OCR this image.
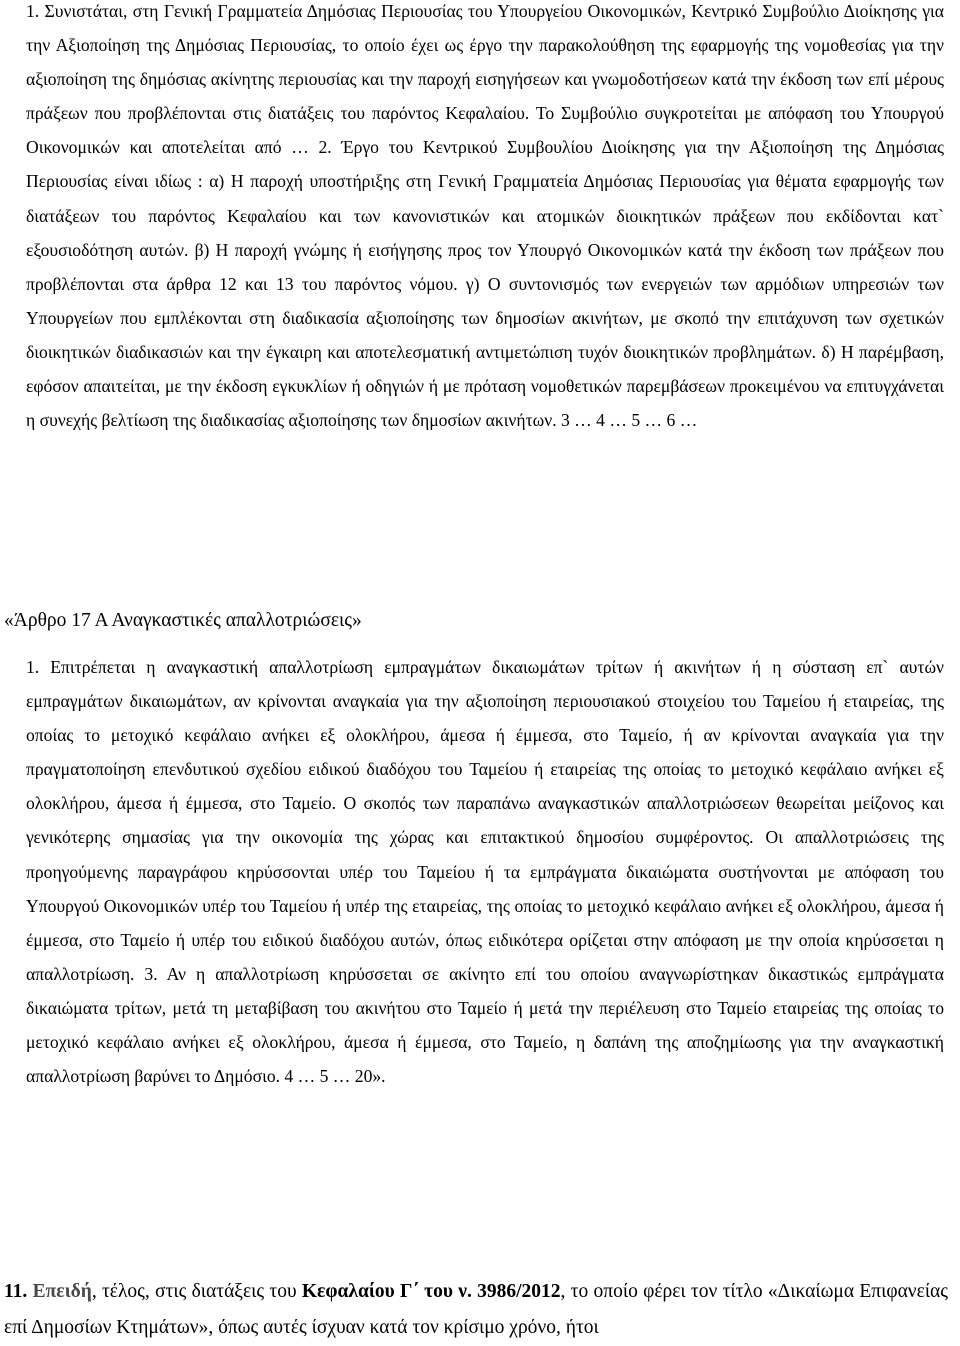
1. Συνιστάται, στη Γενική Γραμματεία Δημόσιας Περιουσίας του Υπουργείου Οικονομικών, Κεντρικό Συμβούλιο Διοίκησης για την Αξιοποίηση της Δημόσιας Περιουσίας, το οποίο έχει ως έργο την παρακολούθηση της εφαρμογής της νομοθεσίας για την αξιοποίηση της δημόσιας ακίνητης περιουσίας και την παροχή εισηγήσεων και γνωμοδοτήσεων κατά την έκδοση των επί μέρους πράξεων που προβλέπονται στις διατάξεις του παρόντος Κεφαλαίου. Το Συμβούλιο συγκροτείται με απόφαση του Υπουργού Οικονομικών και αποτελείται από … 2. Έργο του Κεντρικού Συμβουλίου Διοίκησης για την Αξιοποίηση της Δημόσιας Περιουσίας είναι ιδίως : α) Η παροχή υποστήριξης στη Γενική Γραμματεία Δημόσιας Περιουσίας για θέματα εφαρμογής των διατάξεων του παρόντος Κεφαλαίου και των κανονιστικών και ατομικών διοικητικών πράξεων που εκδίδονται κατ` εξουσιοδότηση αυτών. β) Η παροχή γνώμης ή εισήγησης προς τον Υπουργό Οικονομικών κατά την έκδοση των πράξεων που προβλέπονται στα άρθρα 12 και 13 του παρόντος νόμου. γ) Ο συντονισμός των ενεργειών των αρμόδιων υπηρεσιών των Υπουργείων που εμπλέκονται στη διαδικασία αξιοποίησης των δημοσίων ακινήτων, με σκοπό την επιτάχυνση των σχετικών διοικητικών διαδικασιών και την έγκαιρη και αποτελεσματική αντιμετώπιση τυχόν διοικητικών προβλημάτων. δ) Η παρέμβαση, εφόσον απαιτείται, με την έκδοση εγκυκλίων ή οδηγιών ή με πρόταση νομοθετικών παρεμβάσεων προκειμένου να επιτυγχάνεται η συνεχής βελτίωση της διαδικασίας αξιοποίησης των δημοσίων ακινήτων. 3 … 4 … 5 … 6 …

«Άρθρο 17 Α Αναγκαστικές απαλλοτριώσεις»

1. Επιτρέπεται η αναγκαστική απαλλοτρίωση εμπραγμάτων δικαιωμάτων τρίτων ή ακινήτων ή η σύσταση επ` αυτών εμπραγμάτων δικαιωμάτων, αν κρίνονται αναγκαία για την αξιοποίηση περιουσιακού στοιχείου του Ταμείου ή εταιρείας, της οποίας το μετοχικό κεφάλαιο ανήκει εξ ολοκλήρου, άμεσα ή έμμεσα, στο Ταμείο, ή αν κρίνονται αναγκαία για την πραγματοποίηση επενδυτικού σχεδίου ειδικού διαδόχου του Ταμείου ή εταιρείας της οποίας το μετοχικό κεφάλαιο ανήκει εξ ολοκλήρου, άμεσα ή έμμεσα, στο Ταμείο. Ο σκοπός των παραπάνω αναγκαστικών απαλλοτριώσεων θεωρείται μείζονος και γενικότερης σημασίας για την οικονομία της χώρας και επιτακτικού δημοσίου συμφέροντος. Οι απαλλοτριώσεις της προηγούμενης παραγράφου κηρύσσονται υπέρ του Ταμείου ή τα εμπράγματα δικαιώματα συστήνονται με απόφαση του Υπουργού Οικονομικών υπέρ του Ταμείου ή υπέρ της εταιρείας, της οποίας το μετοχικό κεφάλαιο ανήκει εξ ολοκλήρου, άμεσα ή έμμεσα, στο Ταμείο ή υπέρ του ειδικού διαδόχου αυτών, όπως ειδικότερα ορίζεται στην απόφαση με την οποία κηρύσσεται η απαλλοτρίωση. 3. Αν η απαλλοτρίωση κηρύσσεται σε ακίνητο επί του οποίου αναγνωρίστηκαν δικαστικώς εμπράγματα δικαιώματα τρίτων, μετά τη μεταβίβαση του ακινήτου στο Ταμείο ή μετά την περιέλευση στο Ταμείο εταιρείας της οποίας το μετοχικό κεφάλαιο ανήκει εξ ολοκλήρου, άμεσα ή έμμεσα, στο Ταμείο, η δαπάνη της αποζημίωσης για την αναγκαστική απαλλοτρίωση βαρύνει το Δημόσιο. 4 … 5 … 20».

11. Επειδή, τέλος, στις διατάξεις του Κεφαλαίου Γ΄ του ν. 3986/2012, το οποίο φέρει τον τίτλο «Δικαίωμα Επιφανείας επί Δημοσίων Κτημάτων», όπως αυτές ίσχυαν κατά τον κρίσιμο χρόνο, ήτοι
